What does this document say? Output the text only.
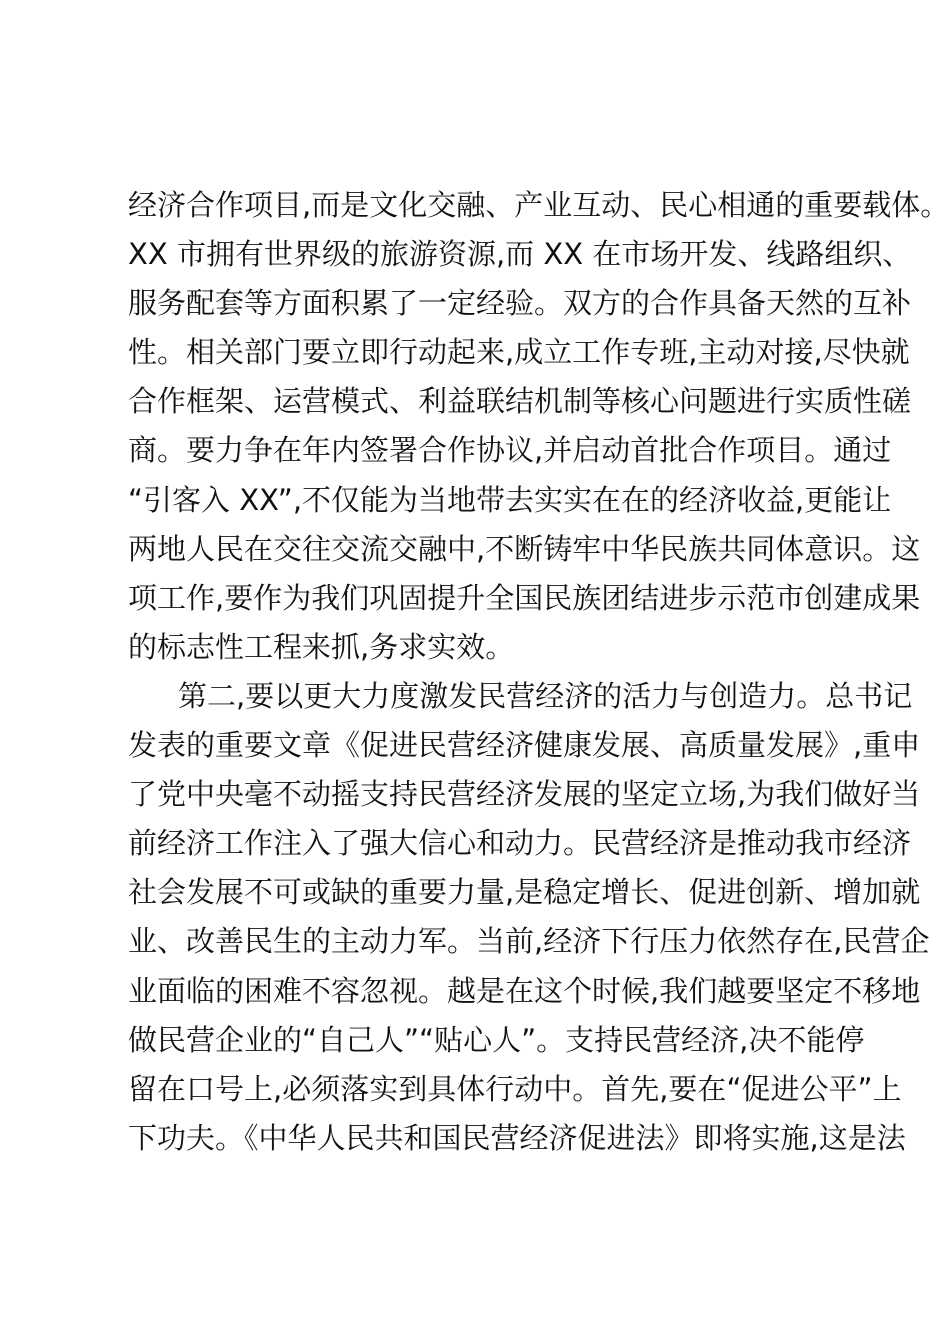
经济合作项目,而是文化交融、产业互动、民心相通的重要载体。
XX 市拥有世界级的旅游资源,而 XX 在市场开发、线路组织、
服务配套等方面积累了一定经验。双方的合作具备天然的互补
性。相关部门要立即行动起来,成立工作专班,主动对接,尽快就
合作框架、运营模式、利益联结机制等核心问题进行实质性磋
商。要力争在年内签署合作协议,并启动首批合作项目。通过
“引客入 XX”,不仅能为当地带去实实在在的经济收益,更能让
两地人民在交往交流交融中,不断铸牢中华民族共同体意识。这
项工作,要作为我们巩固提升全国民族团结进步示范市创建成果
的标志性工程来抓,务求实效。
第二,要以更大力度激发民营经济的活力与创造力。总书记
发表的重要文章《促进民营经济健康发展、高质量发展》,重申
了党中央毫不动摇支持民营经济发展的坚定立场,为我们做好当
前经济工作注入了强大信心和动力。民营经济是推动我市经济
社会发展不可或缺的重要力量,是稳定增长、促进创新、增加就
业、改善民生的主动力军。当前,经济下行压力依然存在,民营企
业面临的困难不容忽视。越是在这个时候,我们越要坚定不移地
做民营企业的“自己人”“贴心人”。支持民营经济,决不能停
留在口号上,必须落实到具体行动中。首先,要在“促进公平”上
下功夫。《中华人民共和国民营经济促进法》即将实施,这是法
